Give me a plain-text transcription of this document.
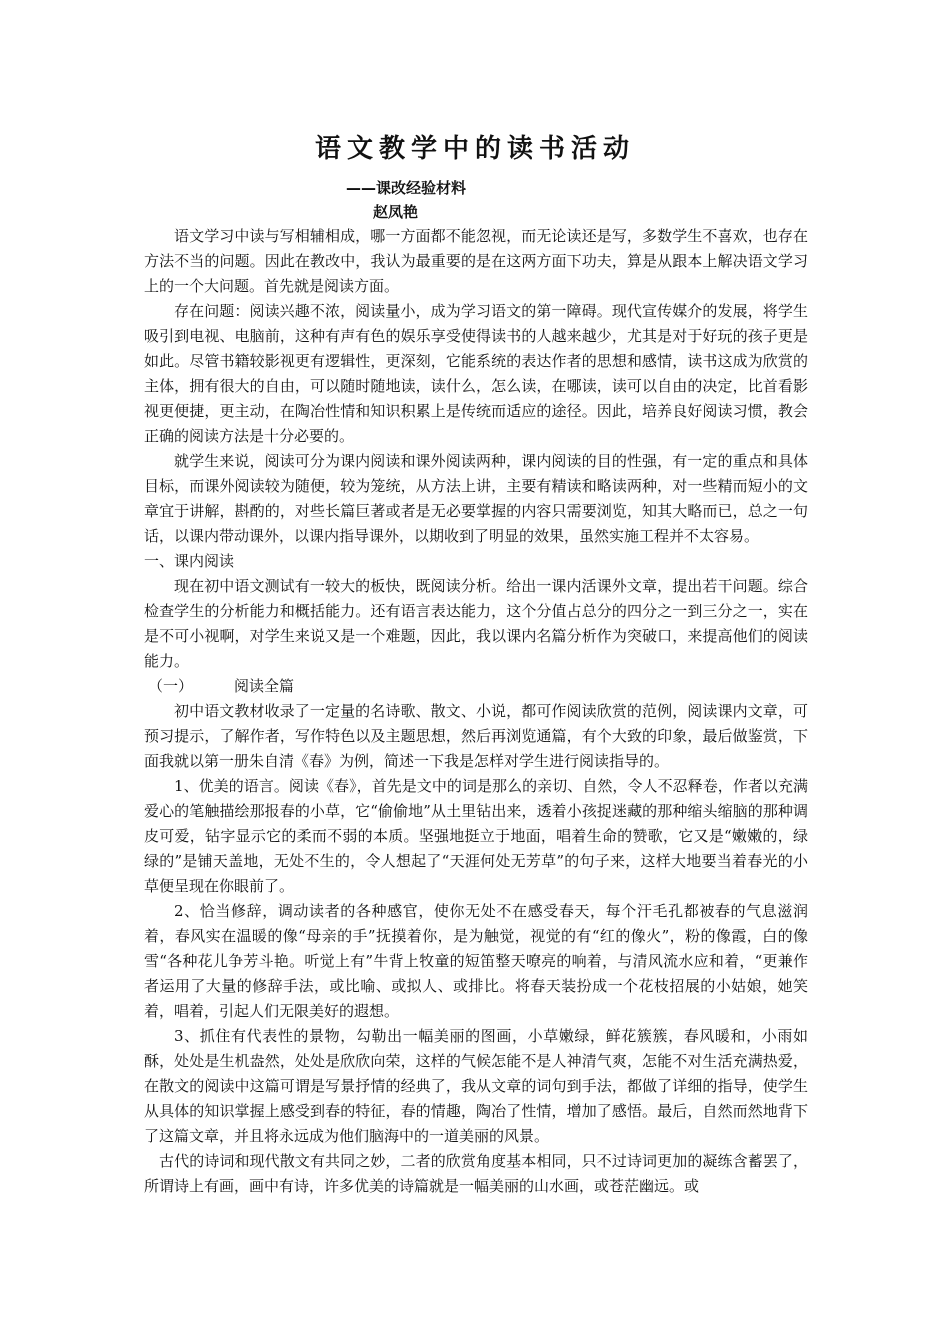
语文教学中的读书活动
——课改经验材料
赵凤艳

语文学习中读与写相辅相成，哪一方面都不能忽视，而无论读还是写，多数学生不喜欢，也存在方法不当的问题。因此在教改中，我认为最重要的是在这两方面下功夫，算是从跟本上解决语文学习上的一个大问题。首先就是阅读方面。

存在问题：阅读兴趣不浓，阅读量小，成为学习语文的第一障碍。现代宣传媒介的发展，将学生吸引到电视、电脑前，这种有声有色的娱乐享受使得读书的人越来越少，尤其是对于好玩的孩子更是如此。尽管书籍较影视更有逻辑性，更深刻，它能系统的表达作者的思想和感情，读书这成为欣赏的主体，拥有很大的自由，可以随时随地读，读什么，怎么读，在哪读，读可以自由的决定，比首看影视更便捷，更主动，在陶冶性情和知识积累上是传统而适应的途径。因此，培养良好阅读习惯，教会正确的阅读方法是十分必要的。

就学生来说，阅读可分为课内阅读和课外阅读两种，课内阅读的目的性强，有一定的重点和具体目标，而课外阅读较为随便，较为笼统，从方法上讲，主要有精读和略读两种，对一些精而短小的文章宜于讲解，斟酌的，对些长篇巨著或者是无必要掌握的内容只需要浏览，知其大略而已，总之一句话，以课内带动课外，以课内指导课外，以期收到了明显的效果，虽然实施工程并不太容易。

一、课内阅读

现在初中语文测试有一较大的板快，既阅读分析。给出一课内活课外文章，提出若干问题。综合检查学生的分析能力和概括能力。还有语言表达能力，这个分值占总分的四分之一到三分之一，实在是不可小视啊，对学生来说又是一个难题，因此，我以课内名篇分析作为突破口，来提高他们的阅读能力。

（一）	阅读全篇

初中语文教材收录了一定量的名诗歌、散文、小说，都可作阅读欣赏的范例，阅读课内文章，可预习提示，了解作者，写作特色以及主题思想，然后再浏览通篇，有个大致的印象，最后做鉴赏，下面我就以第一册朱自清《春》为例，简述一下我是怎样对学生进行阅读指导的。

1、优美的语言。阅读《春》，首先是文中的词是那么的亲切、自然，令人不忍释卷，作者以充满爱心的笔触描绘那报春的小草，它“偷偷地”从土里钻出来，透着小孩捉迷藏的那种缩头缩脑的那种调皮可爱，钻字显示它的柔而不弱的本质。坚强地挺立于地面，唱着生命的赞歌，它又是“嫩嫩的，绿绿的”是铺天盖地，无处不生的，令人想起了“天涯何处无芳草”的句子来，这样大地要当着春光的小草便呈现在你眼前了。

2、恰当修辞，调动读者的各种感官，使你无处不在感受春天，每个汗毛孔都被春的气息滋润着，春风实在温暖的像“母亲的手”抚摸着你，是为触觉，视觉的有“红的像火”，粉的像霞，白的像雪“各种花儿争芳斗艳。听觉上有”牛背上牧童的短笛整天嘹亮的响着，与清风流水应和着，“更兼作者运用了大量的修辞手法，或比喻、或拟人、或排比。将春天装扮成一个花枝招展的小姑娘，她笑着，唱着，引起人们无限美好的遐想。

3、抓住有代表性的景物，勾勒出一幅美丽的图画，小草嫩绿，鲜花簇簇，春风暖和，小雨如酥，处处是生机盎然，处处是欣欣向荣，这样的气候怎能不是人神清气爽，怎能不对生活充满热爱，在散文的阅读中这篇可谓是写景抒情的经典了，我从文章的词句到手法，都做了详细的指导，使学生从具体的知识掌握上感受到春的特征，春的情趣，陶冶了性情，增加了感悟。最后，自然而然地背下了这篇文章，并且将永远成为他们脑海中的一道美丽的风景。

古代的诗词和现代散文有共同之妙，二者的欣赏角度基本相同，只不过诗词更加的凝练含蓄罢了，所谓诗上有画，画中有诗，许多优美的诗篇就是一幅美丽的山水画，或苍茫幽远。或
